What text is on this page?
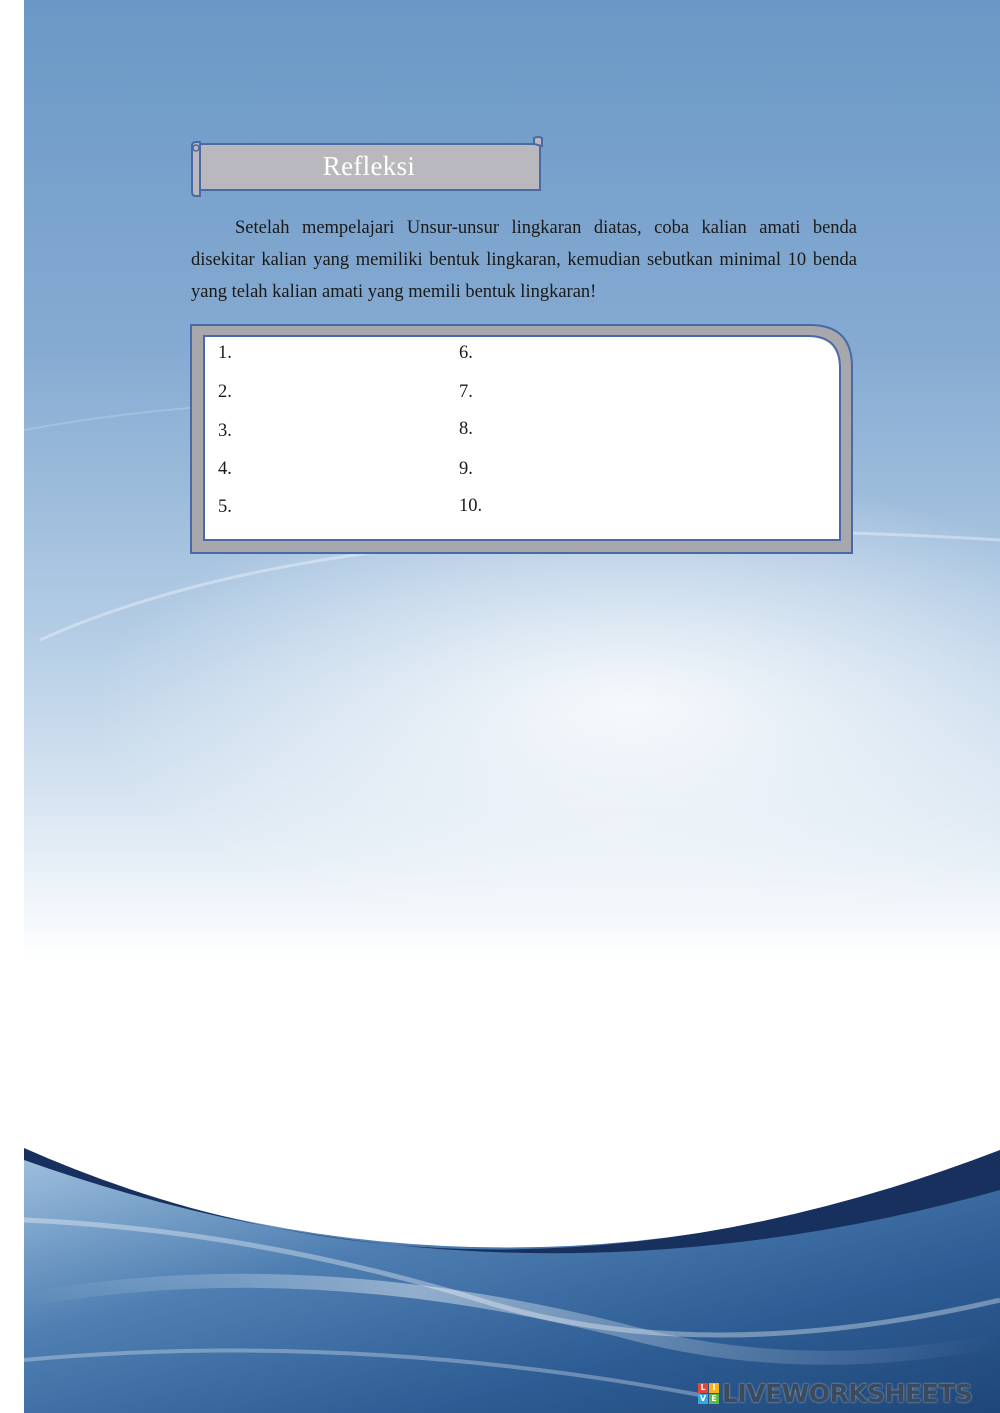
Refleksi

Setelah mempelajari Unsur-unsur lingkaran diatas, coba kalian amati benda disekitar kalian yang memiliki bentuk lingkaran, kemudian sebutkan minimal 10 benda yang telah kalian amati yang memili bentuk lingkaran!

1.
2.
3.
4.
5.
6.
7.
8.
9.
10.
L I
V E LIVEWORKSHEETS
